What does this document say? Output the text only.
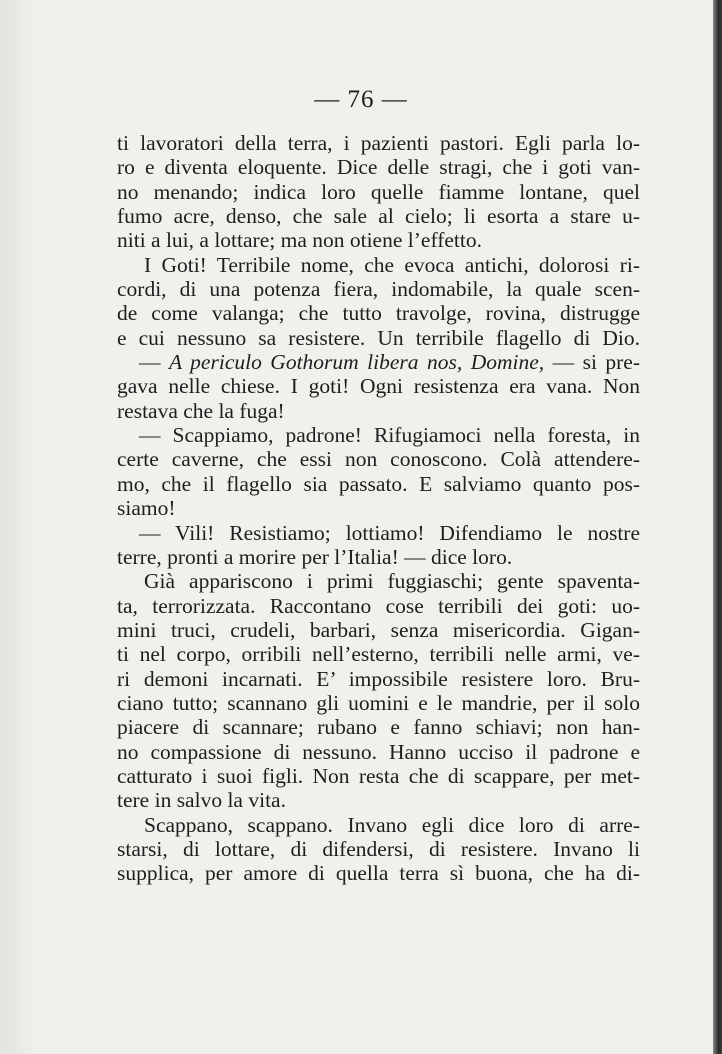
— 76 —
ti lavoratori della terra, i pazienti pastori. Egli parla lo-
ro e diventa eloquente. Dice delle stragi, che i goti van-
no menando; indica loro quelle fiamme lontane, quel
fumo acre, denso, che sale al cielo; li esorta a stare u-
niti a lui, a lottare; ma non otiene l’effetto.
I Goti! Terribile nome, che evoca antichi, dolorosi ri-
cordi, di una potenza fiera, indomabile, la quale scen-
de come valanga; che tutto travolge, rovina, distrugge
e cui nessuno sa resistere. Un terribile flagello di Dio.
— A periculo Gothorum libera nos, Domine, — si pre-
gava nelle chiese. I goti! Ogni resistenza era vana. Non
restava che la fuga!
— Scappiamo, padrone! Rifugiamoci nella foresta, in
certe caverne, che essi non conoscono. Colà attendere-
mo, che il flagello sia passato. E salviamo quanto pos-
siamo!
— Vili! Resistiamo; lottiamo! Difendiamo le nostre
terre, pronti a morire per l’Italia! — dice loro.
Già appariscono i primi fuggiaschi; gente spaventa-
ta, terrorizzata. Raccontano cose terribili dei goti: uo-
mini truci, crudeli, barbari, senza misericordia. Gigan-
ti nel corpo, orribili nell’esterno, terribili nelle armi, ve-
ri demoni incarnati. E’ impossibile resistere loro. Bru-
ciano tutto; scannano gli uomini e le mandrie, per il solo
piacere di scannare; rubano e fanno schiavi; non han-
no compassione di nessuno. Hanno ucciso il padrone e
catturato i suoi figli. Non resta che di scappare, per met-
tere in salvo la vita.
Scappano, scappano. Invano egli dice loro di arre-
starsi, di lottare, di difendersi, di resistere. Invano li
supplica, per amore di quella terra sì buona, che ha di-
